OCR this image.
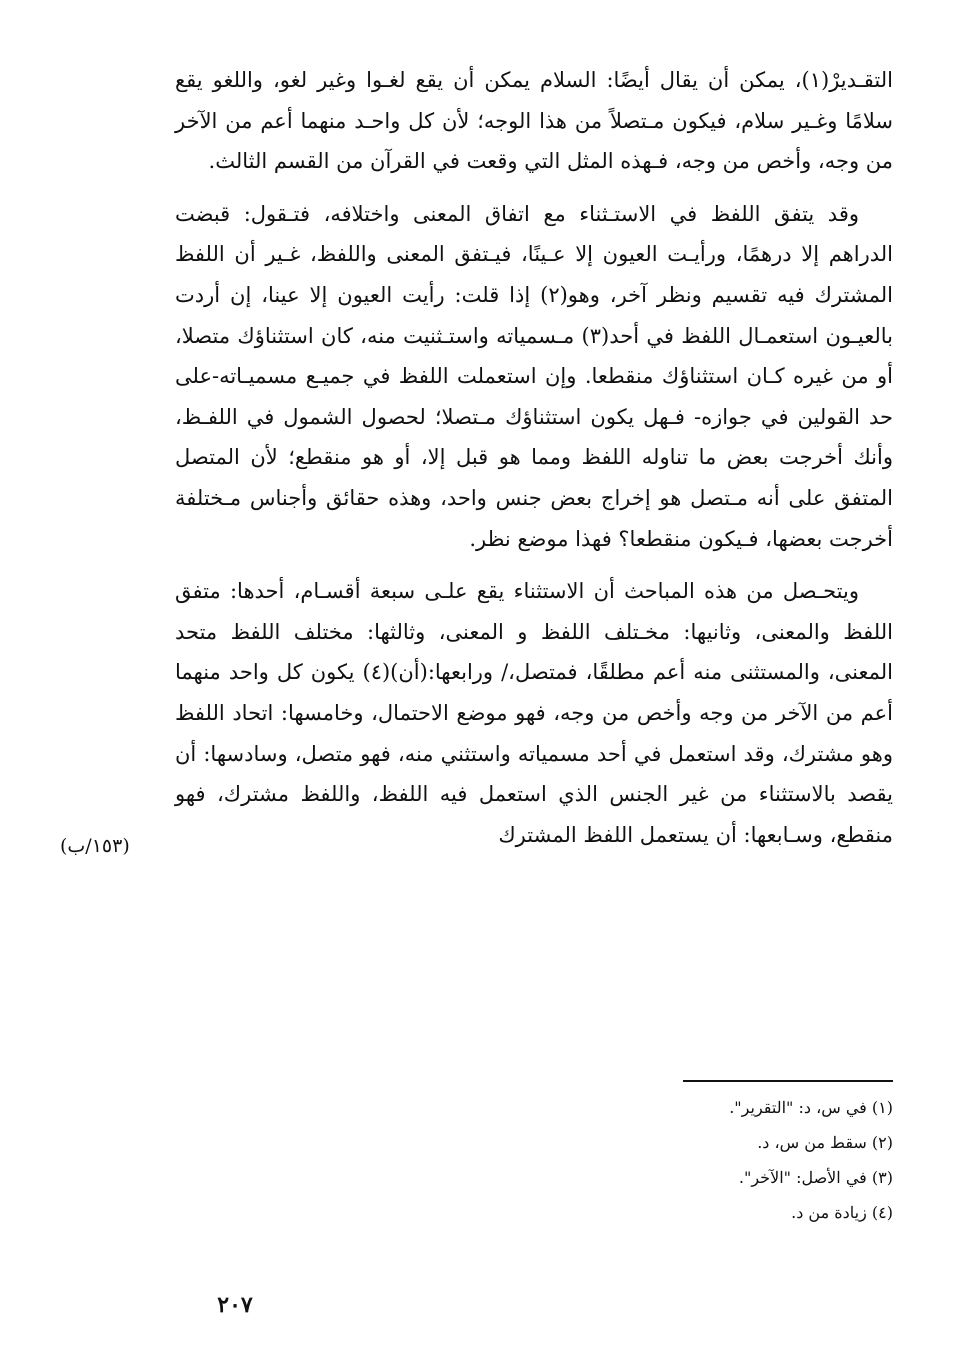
التقـديرْ(١)، يمكن أن يقال أيضًا: السلام يمكن أن يقع لغـوا وغير لغو، واللغو يقع سلامًا وغـير سلام، فيكون مـتصلاً من هذا الوجه؛ لأن كل واحـد منهما أعم من الآخر من وجه، وأخص من وجه، فـهذه المثل التي وقعت في القرآن من القسم الثالث.

وقد يتفق اللفظ في الاستـثناء مع اتفاق المعنى واختلافه، فتـقول: قبضت الدراهم إلا درهمًا، ورأيـت العيون إلا عـينًا، فيـتفق المعنى واللفظ، غـير أن اللفظ المشترك فيه تقسيم ونظر آخر، وهو(٢) إذا قلت: رأيت العيون إلا عينا، إن أردت بالعيـون استعمـال اللفظ في أحد(٣) مـسمياته واستـثنيت منه، كان استثناؤك متصلا، أو من غيره كـان استثناؤك منقطعا. وإن استعملت اللفظ في جميـع مسميـاته-على حد القولين في جوازه- فـهل يكون استثناؤك مـتصلا؛ لحصول الشمول في اللفـظ، وأنك أخرجت بعض ما تناوله اللفظ ومما هو قبل إلا، أو هو منقطع؛ لأن المتصل المتفق على أنه مـتصل هو إخراج بعض جنس واحد، وهذه حقائق وأجناس مـختلفة أخرجت بعضها، فـيكون منقطعا؟ فهذا موضع نظر.

ويتحـصل من هذه المباحث أن الاستثناء يقع علـى سبعة أقسـام، أحدها: متفق اللفظ والمعنى، وثانيها: مخـتلف اللفظ و المعنى، وثالثها: مختلف اللفظ متحد المعنى، والمستثنى منه أعم مطلقًا، فمتصل،/ ورابعها:(أن)(٤) يكون كل واحد منهما أعم من الآخر من وجه وأخص من وجه، فهو موضع الاحتمال، وخامسها: اتحاد اللفظ وهو مشترك، وقد استعمل في أحد مسمياته واستثني منه، فهو متصل، وسادسها: أن يقصد بالاستثناء من غير الجنس الذي استعمل فيه اللفظ، واللفظ مشترك، فهو منقطع، وسـابعها: أن يستعمل اللفظ المشترك

(١٥٣/ب)

(١) في س، د: "التقرير".

(٢) سقط من س، د.

(٣) في الأصل: "الآخر".

(٤) زيادة من د.

٢٠٧
